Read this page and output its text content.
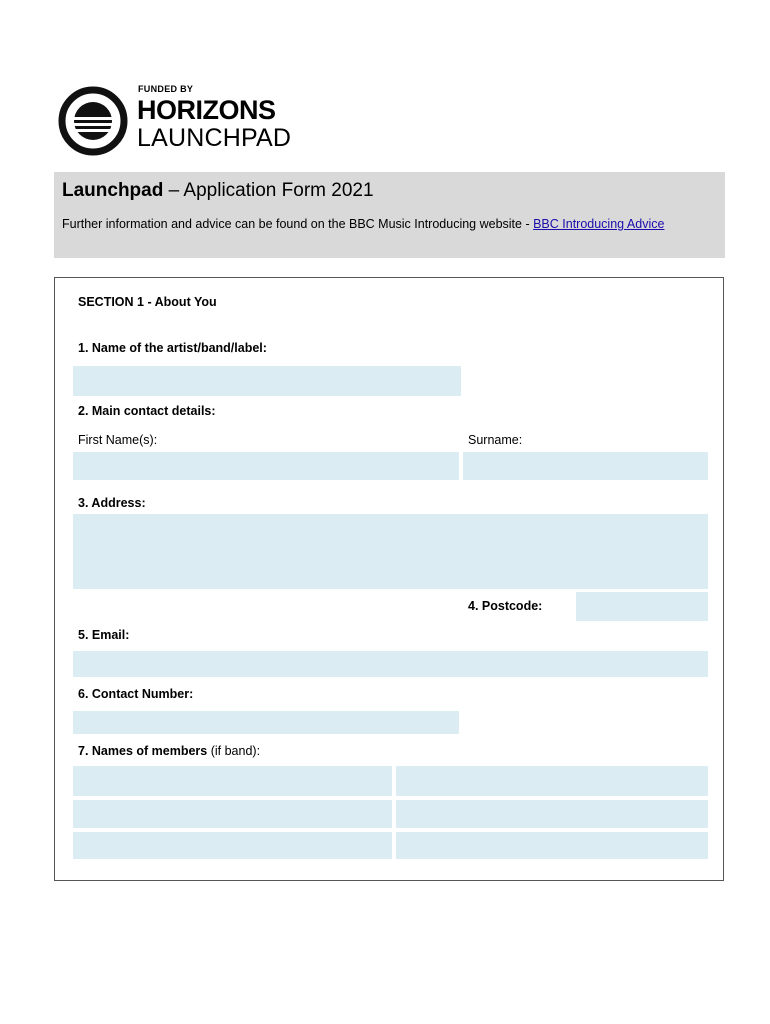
FUNDED BY
HORIZONS
LAUNCHPAD
Launchpad – Application Form 2021
Further information and advice can be found on the BBC Music Introducing website - BBC Introducing Advice
SECTION 1 - About You
1. Name of the artist/band/label:
2. Main contact details:
First Name(s):	Surname:
3. Address:
4. Postcode:
5. Email:
6. Contact Number:
7. Names of members (if band):
